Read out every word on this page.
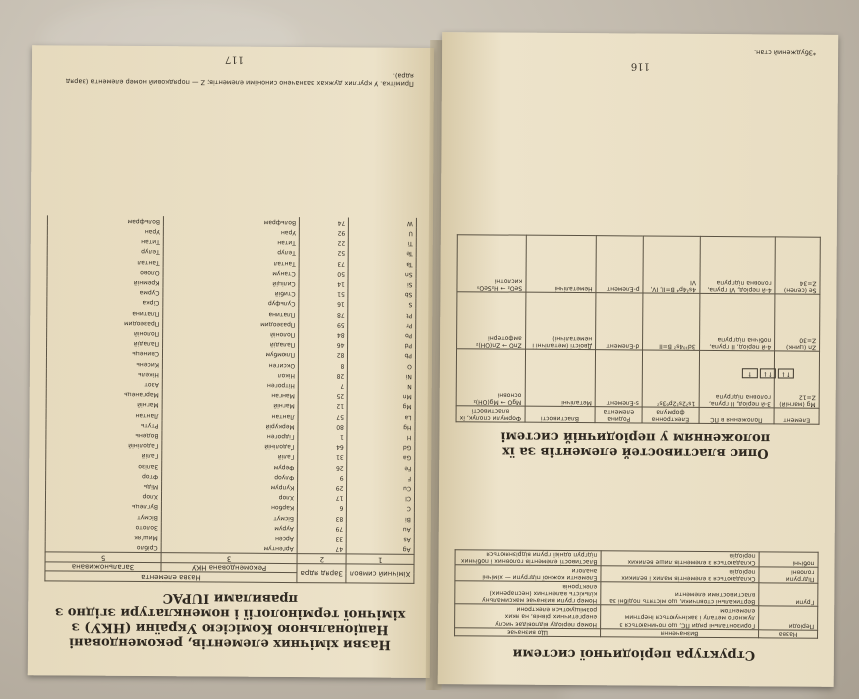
Назви хімічних елементів, рекомендовані Національною Комісією України (НКУ) з хімічної термінології і номенклатури згідно з правилами IUPAC
Хімічний символ	Заряд ядра	Назва елемента	
		Рекомендована НКУ	Загальноживана
1	2	3	5
Ag	47	Арґентум	Срібло
As	33	Арсен	Миш'як
Au	79	Аурум	Золото
Bi	83	Бісмут	Вісмут
C	6	Карбон	Вуглець
Cl	17	Хлор	Хлор
Cu	29	Купрум	Мідь
F	9	Флуор	Фтор
Fe	26	Ферум	Залізо
Ga	31	Галій	Галій
Gd	64	Ґадоліній	Гадоліній
H	1	Гідроген	Водень
Hg	80	Меркурій	Ртуть
La	57	Лантан	Лантан
Mg	12	Магній	Магній
Mn	25	Манган	Марганець
N	7	Нітроген	Азот
Ni	28	Нікол	Нікель
O	8	Оксиген	Кисень
Pb	82	Плюмбум	Свинець
Pd	46	Паладій	Паладій
Po	84	Полоній	Полоній
Pr	59	Празеодим	Празеодим
Pt	78	Платина	Платина
S	16	Сульфур	Сірка
Sb	51	Стибій	Сурма
Si	14	Силіцій	Кремній
Sn	50	Станум	Олово
Ta	73	Тантал	Тантал
Te	52	Телур	Телур
Ti	22	Титан	Титан
U	92	Уран	Уран
W	74	Вольфрам	Вольфрам
Примітка. У круглих дужках зазначено синоніми елементів; Z — порядковий номер елемента (заряд ядра).
117
Структура періодичної системи
Назва	Визначення	Що визначає
Періоди	Горизонтальні ряди ПС, що починаються з лужного металу і закінчуються інертним елементом	Номер періоду відповідає числу енергетичних рівнів, на яких розміщуються електрони
Групи	Вертикальні стовпчики, що містять подібні за властивостями елементи	Номер групи визначає максимальну кількість валентних (неспарених) електронів
Підгрупи головні	Складаються з елементів малих і великих періодів	Елементи кожної підгрупи — хімічні аналоги
побічні	Складаються з елементів лише великих періодів	Властивості елементів головних і побічних підгруп однієї групи відрізняються
Опис властивостей елементів за їх положенням у періодичній системі
Елемент	Положення в ПС	Електронна формула	Родина елемента	Властивості	Формули сполук, їх властивості
Mg (магній) Z=12	3-й період, II група, головна підгрупа	1s²2s²2p⁶3s²	s-Елемент	Металічні	MgO → Mg(OH)₂ основні
Zn (цинк) Z=30	4-й період, II група, побічна підгрупа	3d¹⁰4s² B=II	d-Елемент	Двоїсті (металічні і неметалічні)	ZnO → Zn(OH)₂ амфотерні
Se (селен) Z=34	4-й період, VI група, головна підгрупа	4s²4p⁴ B=II, IV, VI	p-Елемент	Неметалічні	SeO₂ → H₂SeO₃ кислотні
↑↓↑↓↑
116
*Збуджений стан.
